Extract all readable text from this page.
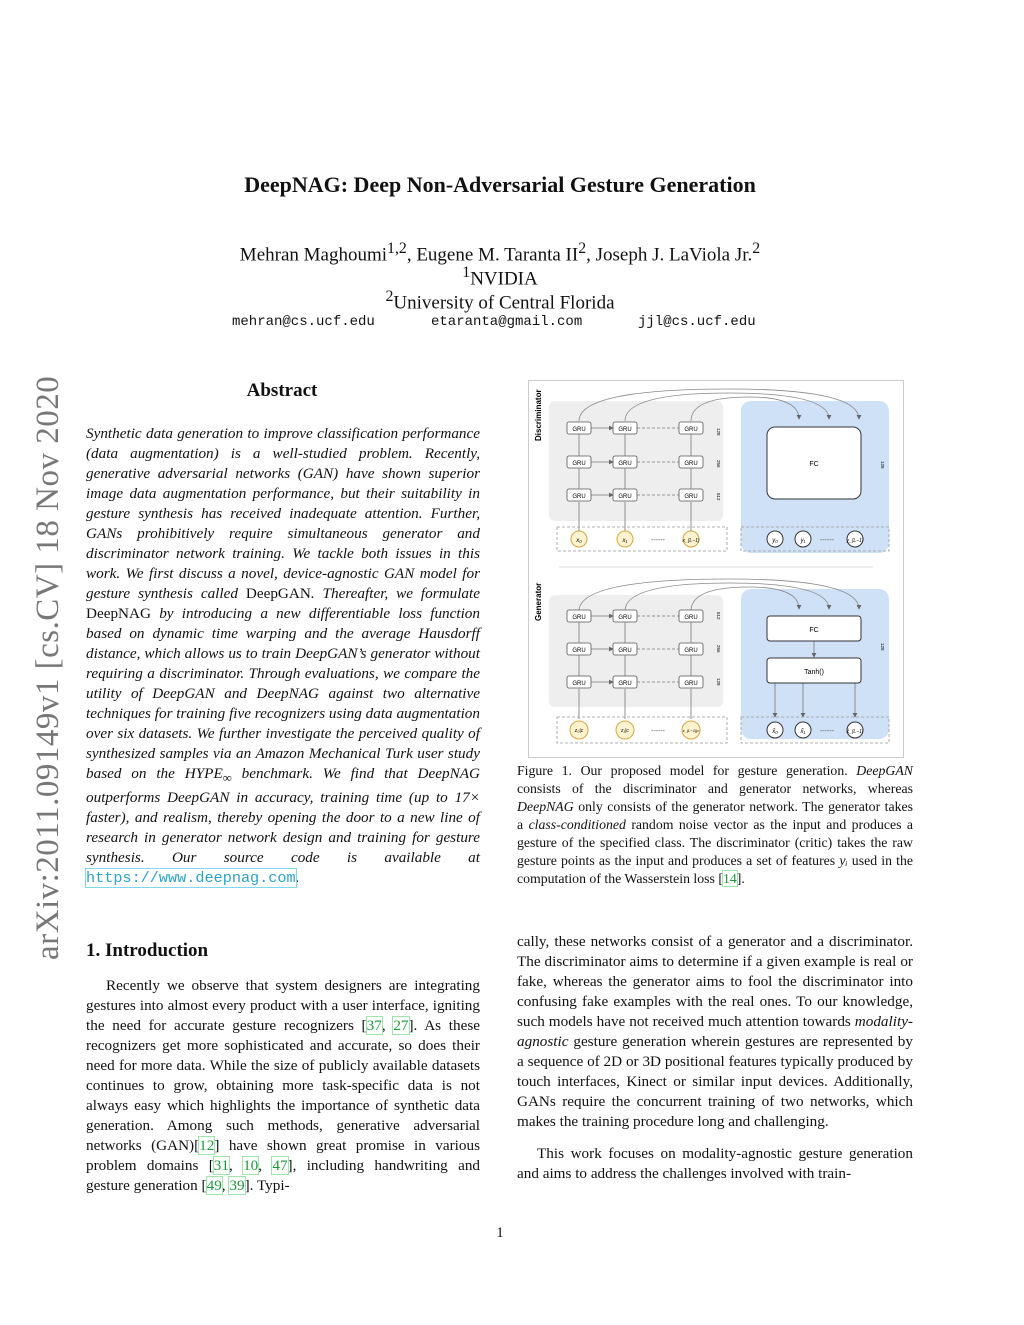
DeepNAG: Deep Non-Adversarial Gesture Generation
Mehran Maghoumi$^{1,2}$, Eugene M. Taranta $II^2$, Joseph J. LaViola Jr.$^2$
$^1$NVIDIA
$^2$University of Central Florida
mehran@cs.ucf.edu	etaranta@gmail.com	jjl@cs.ucf.edu
arXiv:2011.09149v1 [cs.CV] 18 Nov 2020	Abstract
Synthetic data generation to improve classification performance (data augmentation) is a well-studied problem. Recently, generative adversarial networks (GAN) have shown superior image data augmentation performance, but their suitability in gesture synthesis has received inadequate attention. Further, GANs prohibitively require simultaneous generator and discriminator network training. We tackle both issues in this work. We first discuss a novel, device-agnostic GAN model for gesture synthesis called DeepGAN. Thereafter, we formulate DeepNAG by introducing a new differentiable loss function based on dynamic time warping and the average Hausdorff distance, which allows us to train DeepGAN’s generator without requiring a discriminator. Through evaluations, we compare the utility of DeepGAN and DeepNAG against two alternative techniques for training five recognizers using data augmentation over six datasets. We further investigate the perceived quality of synthesized samples via an Amazon Mechanical Turk user study based on the $HYPE_\infty$ benchmark. We find that DeepNAG outperforms DeepGAN in accuracy, training time (up to 17× faster), and realism, thereby opening the door to a new line of research in generator network design and training for gesture synthesis. Our source code is available at https://www.deepnag.com.
1. Introduction

Recently we observe that system designers are integrating gestures into almost every product with a user interface, igniting the need for accurate gesture recognizers [37, 27]. As these recognizers get more sophisticated and accurate, so does their need for more data. While the size of publicly available datasets continues to grow, obtaining more task-specific data is not always easy which highlights the importance of synthetic data generation. Among such methods, generative adversarial networks (GAN)[12] have shown great promise in various problem domains [31, 10, 47], including handwriting and gesture generation [49, 39]. Typi-

Discriminator	GRU	GRU	GRU	128
GRU	GRU	GRU	256
GRU	GRU	GRU	512
FC	128
x₀	x₁	------	x_{L−1}	y₀	y₁ ------ y_{L−1}
Generator	GRU	GRU	GRU	512
GRU	GRU	GRU	256
GRU	GRU	GRU	128
FC
Tanh()
128
z₀|c	z₁|c	------	z_{L−1}|c	x̂₀	x̂₁ ------ x̂_{L−1}
Figure 1. Our proposed model for gesture generation. DeepGAN consists of the discriminator and generator networks, whereas DeepNAG only consists of the generator network. The generator takes a class-conditioned random noise vector as the input and produces a gesture of the specified class. The discriminator (critic) takes the raw gesture points as the input and produces a set of features yᵢ used in the computation of the Wasserstein loss [14].

cally, these networks consist of a generator and a discriminator. The discriminator aims to determine if a given example is real or fake, whereas the generator aims to fool the discriminator into confusing fake examples with the real ones. To our knowledge, such models have not received much attention towards modality-agnostic gesture generation wherein gestures are represented by a sequence of 2D or 3D positional features typically produced by touch interfaces, Kinect or similar input devices. Additionally, GANs require the concurrent training of two networks, which makes the training procedure long and challenging.

This work focuses on modality-agnostic gesture generation and aims to address the challenges involved with train-

1
